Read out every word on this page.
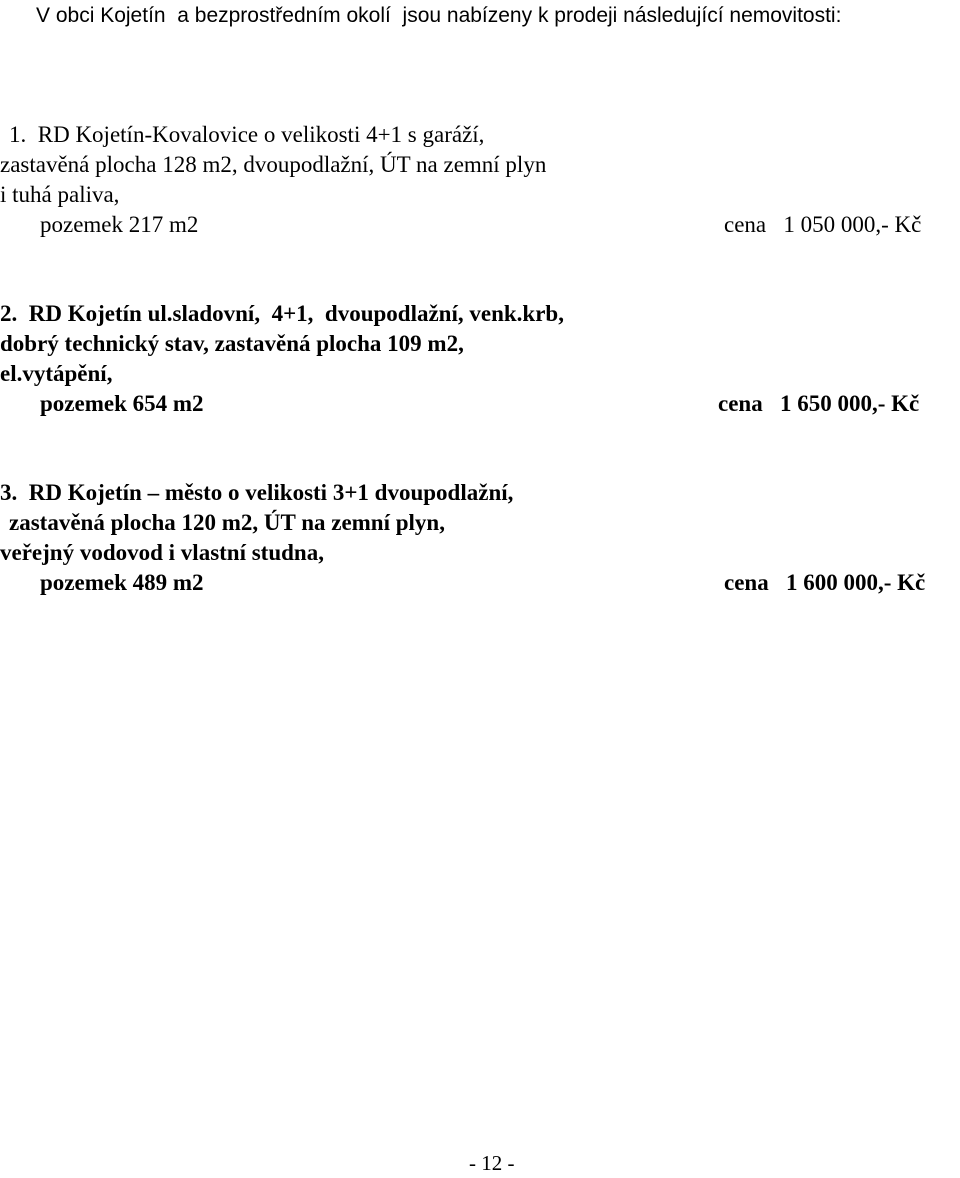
V obci Kojetín  a bezprostředním okolí  jsou nabízeny k prodeji následující nemovitosti:
1.  RD Kojetín-Kovalovice o velikosti 4+1 s garáží,
zastavěná plocha 128 m2, dvoupodlažní, ÚT na zemní plyn
i tuhá paliva,
pozemek 217 m2	cena   1 050 000,- Kč
2.  RD Kojetín ul.sladovní,  4+1,  dvoupodlažní, venk.krb,
dobrý technický stav, zastavěná plocha 109 m2,
el.vytápění,
pozemek 654 m2	cena   1 650 000,- Kč
3.  RD Kojetín – město o velikosti 3+1 dvoupodlažní,
zastavěná plocha 120 m2, ÚT na zemní plyn,
veřejný vodovod i vlastní studna,
pozemek 489 m2	cena   1 600 000,- Kč
- 12 -
